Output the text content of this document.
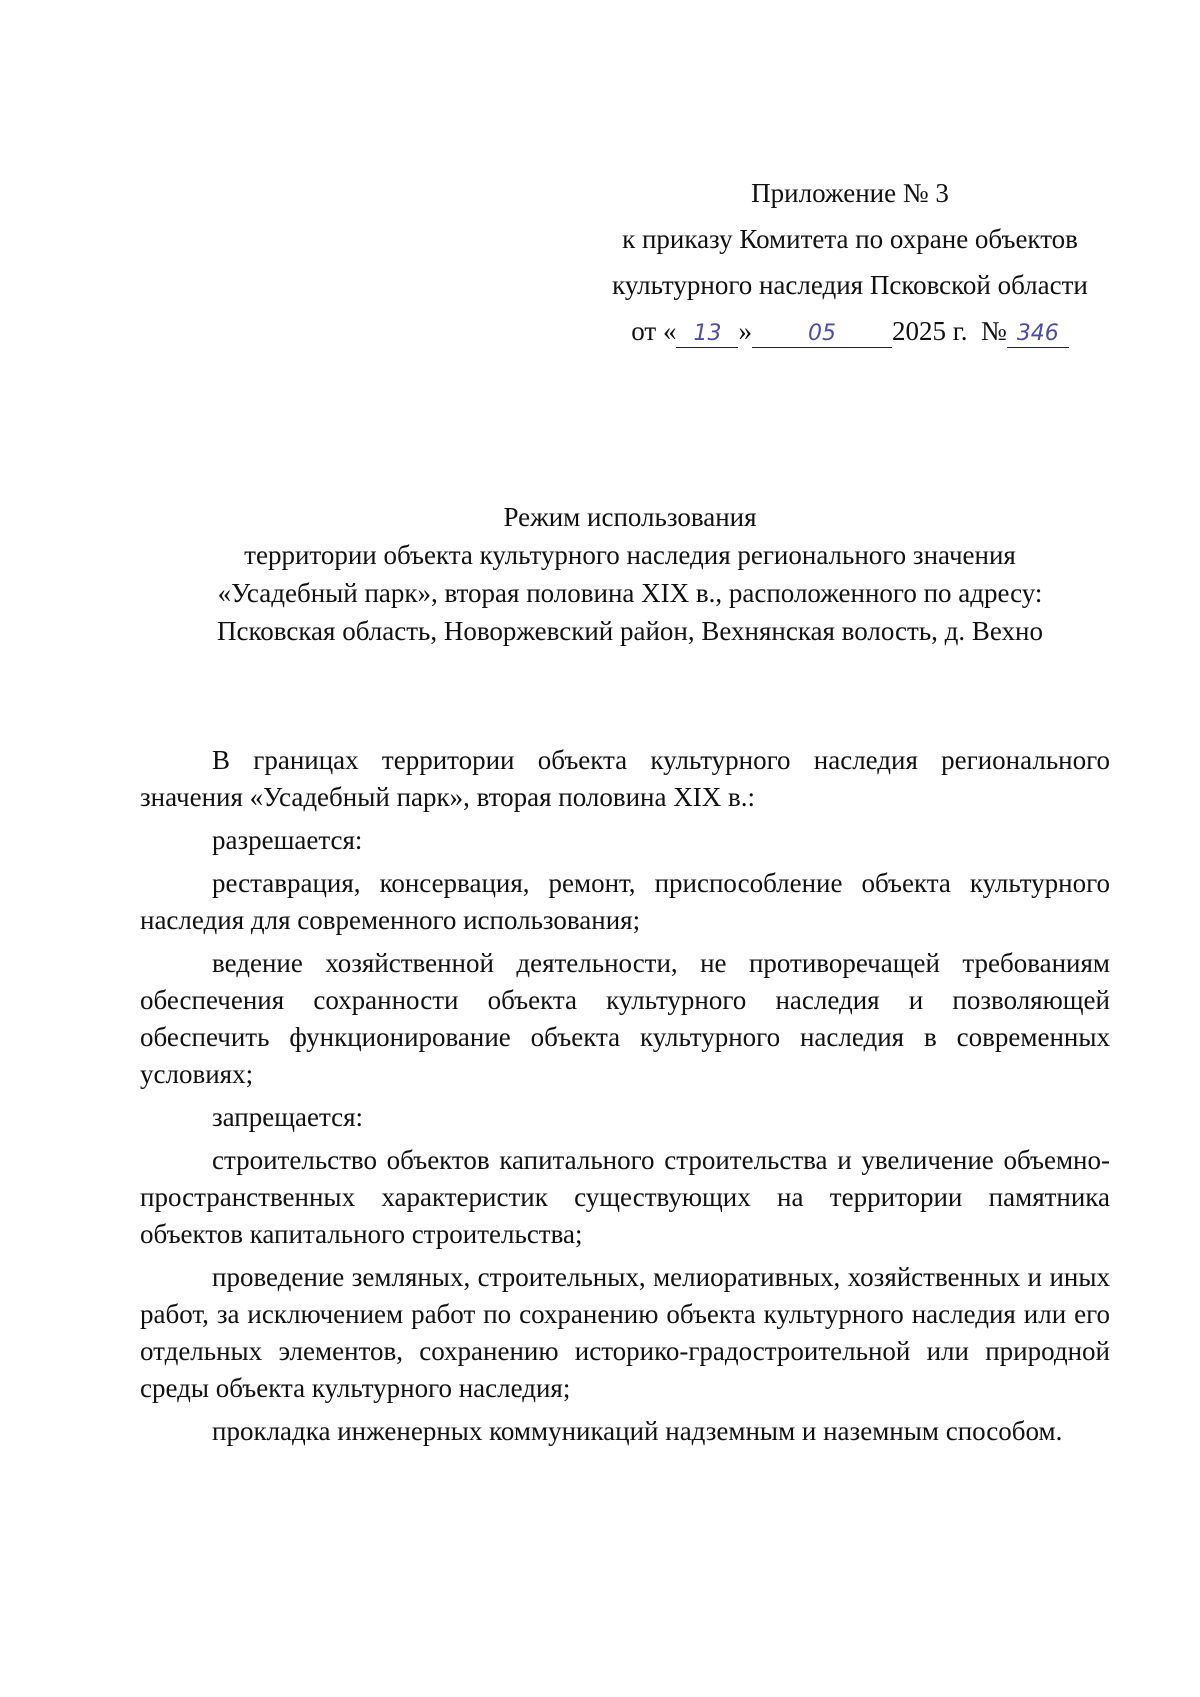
Приложение № 3
к приказу Комитета по охране объектов
культурного наследия Псковской области
от « 13 »	05 2025 г. № 346
Режим использования
территории объекта культурного наследия регионального значения
«Усадебный парк», вторая половина XIX в., расположенного по адресу:
Псковская область, Новоржевский район, Вехнянская волость, д. Вехно

В границах территории объекта культурного наследия регионального значения «Усадебный парк», вторая половина XIX в.:

разрешается:

реставрация, консервация, ремонт, приспособление объекта культурного наследия для современного использования;

ведение хозяйственной деятельности, не противоречащей требованиям обеспечения сохранности объекта культурного наследия и позволяющей обеспечить функционирование объекта культурного наследия в современных условиях;

запрещается:

строительство объектов капитального строительства и увеличение объемно-пространственных характеристик существующих на территории памятника объектов капитального строительства;

проведение земляных, строительных, мелиоративных, хозяйственных и иных работ, за исключением работ по сохранению объекта культурного наследия или его отдельных элементов, сохранению историко-градостроительной или природной среды объекта культурного наследия;

прокладка инженерных коммуникаций надземным и наземным способом.
